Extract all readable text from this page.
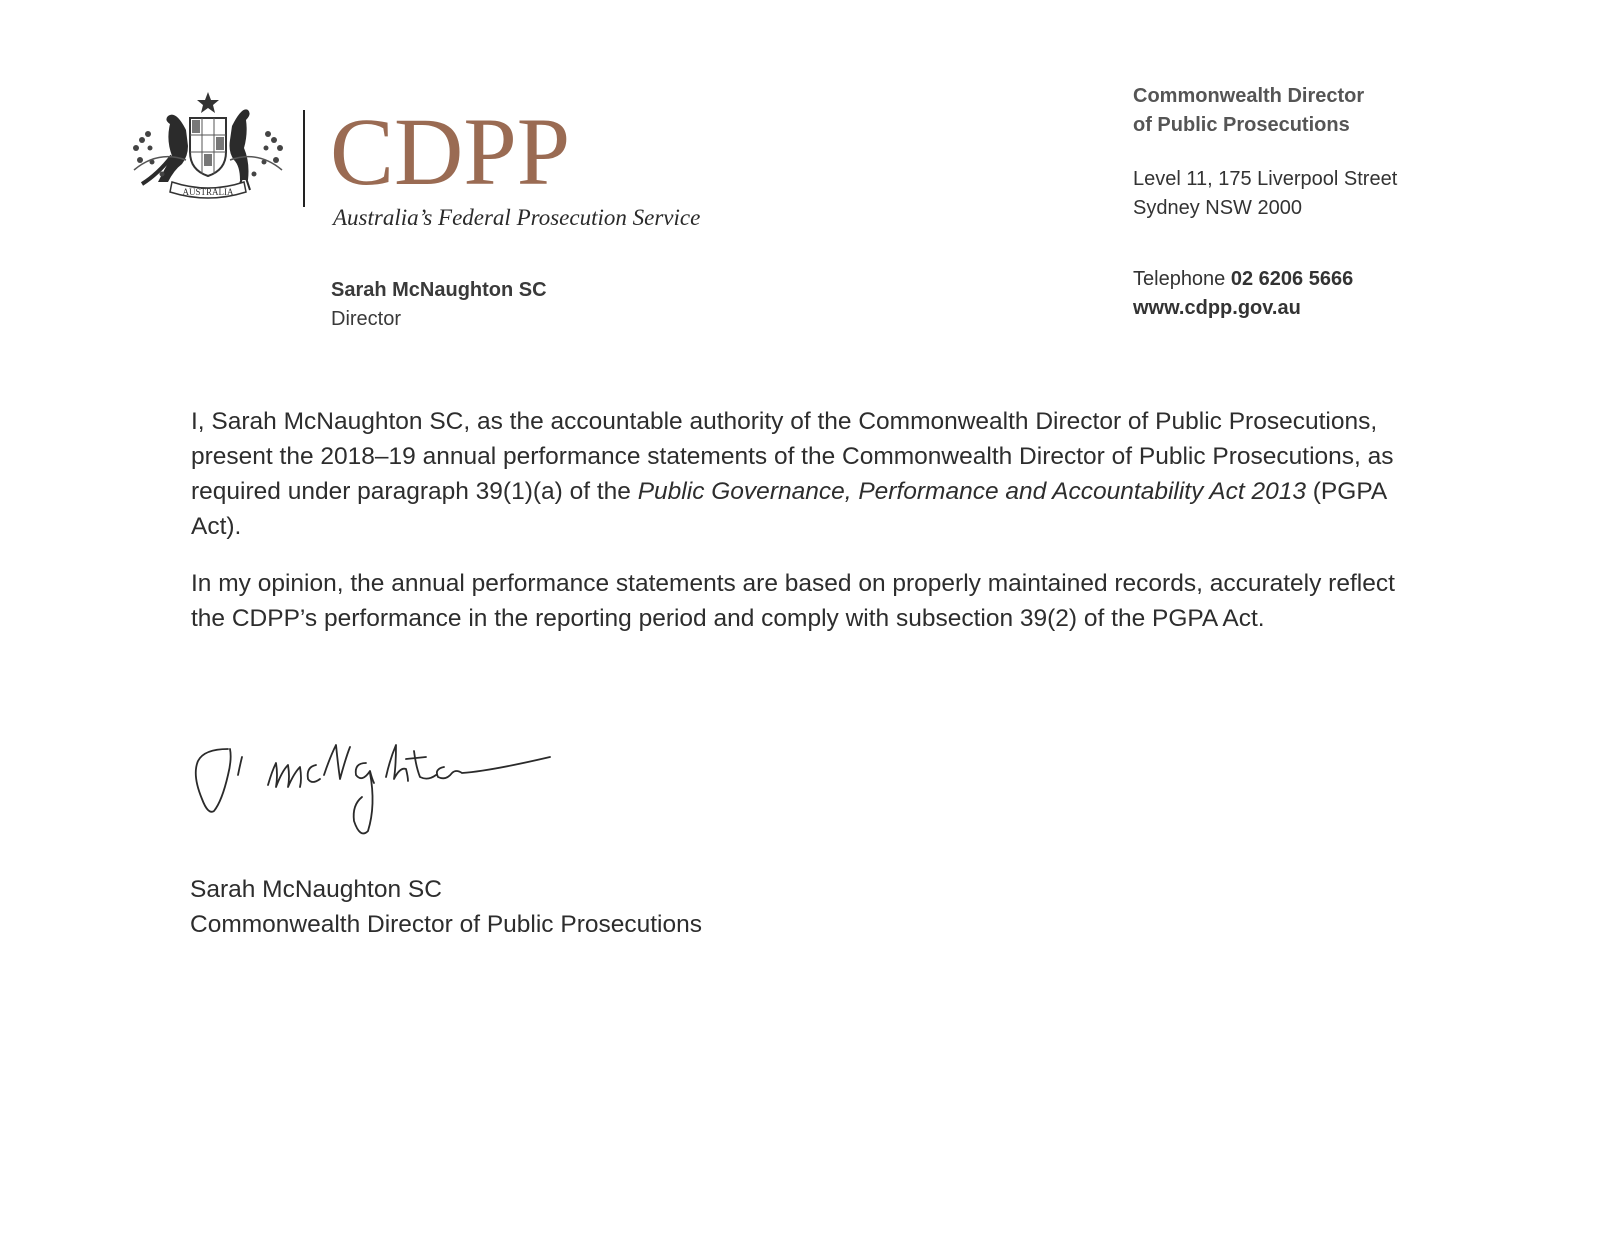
AUSTRALIA CDPP
Australia’s Federal Prosecution Service
Sarah McNaughton SC
Director
Commonwealth Director
of Public Prosecutions
Level 11, 175 Liverpool Street
Sydney NSW 2000
Telephone 02 6206 5666
www.cdpp.gov.au

I, Sarah McNaughton SC, as the accountable authority of the Commonwealth Director of Public Prosecutions, present the 2018–19 annual performance statements of the Commonwealth Director of Public Prosecutions, as required under paragraph 39(1)(a) of the Public Governance, Performance and Accountability Act 2013 (PGPA Act).

In my opinion, the annual performance statements are based on properly maintained records, accurately reflect the CDPP’s performance in the reporting period and comply with subsection 39(2) of the PGPA Act.

Sarah McNaughton SC
Commonwealth Director of Public Prosecutions
